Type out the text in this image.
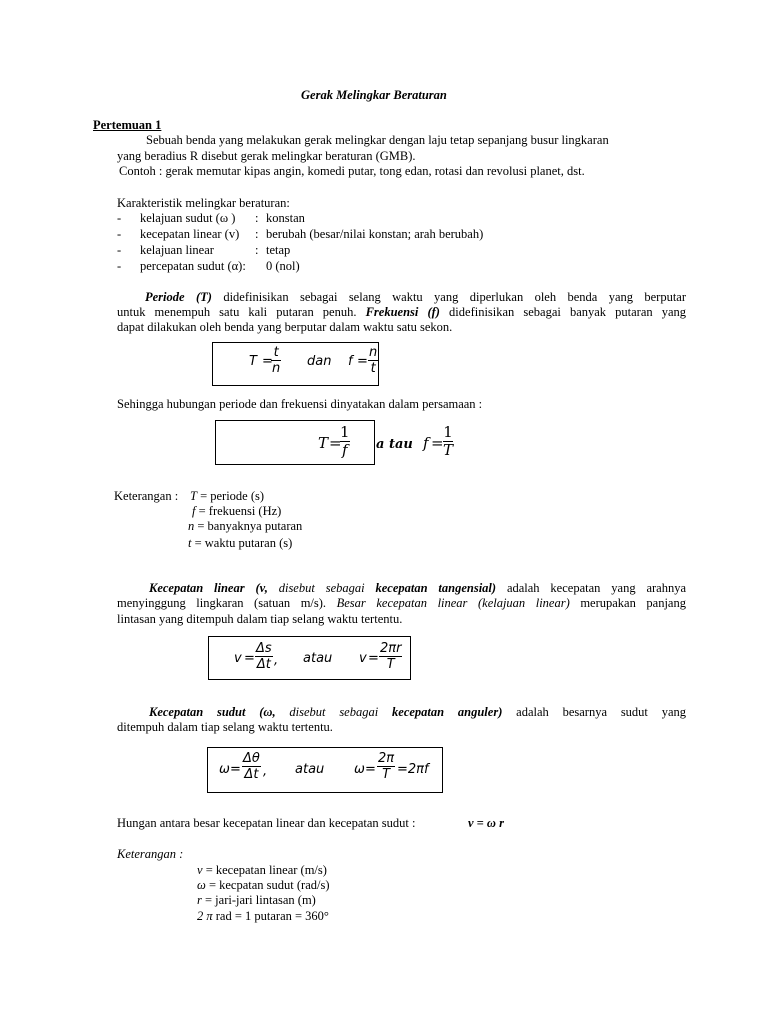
Gerak Melingkar Beraturan
Pertemuan 1
Sebuah benda yang melakukan gerak melingkar dengan laju tetap sepanjang busur lingkaran
yang beradius R disebut gerak melingkar beraturan (GMB).
Contoh : gerak memutar kipas angin, komedi putar, tong edan, rotasi dan revolusi planet, dst.
Karakteristik melingkar beraturan:
- kelajuan sudut (ω ) : konstan
- kecepatan linear (v) : berubah (besar/nilai konstan; arah berubah)
- kelajuan linear	: tetap
- percepatan sudut (α): 0 (nol)
Periode (T) didefinisikan sebagai selang waktu yang diperlukan oleh benda yang berputar
untuk menempuh satu kali putaran penuh. Frekuensi (f) didefinisikan sebagai banyak putaran yang
dapat dilakukan oleh benda yang berputar dalam waktu satu sekon.
T =
t
n dan f =
n
t
Sehingga hubungan periode dan frekuensi dinyatakan dalam persamaan :
T =
1
f a tau f =
1
T
Keterangan : T = periode (s)
f = frekuensi (Hz)
n = banyaknya putaran
t = waktu putaran (s)
Kecepatan linear (v, disebut sebagai kecepatan tangensial) adalah kecepatan yang arahnya
menyinggung lingkaran (satuan m/s). Besar kecepatan linear (kelajuan linear) merupakan panjang
lintasan yang ditempuh dalam tiap selang waktu tertentu.
v =
Δs
Δt , atau v =
2πr
T
Kecepatan sudut (ω, disebut sebagai kecepatan anguler) adalah besarnya sudut yang
ditempuh dalam tiap selang waktu tertentu.
ω =
Δθ
Δt , atau ω =
2π
T =2πf
Hungan antara besar kecepatan linear dan kecepatan sudut :	v = ω r
Keterangan :
v = kecepatan linear (m/s)
ω = kecpatan sudut (rad/s)
r = jari-jari lintasan (m)
2 π rad = 1 putaran = 360°
